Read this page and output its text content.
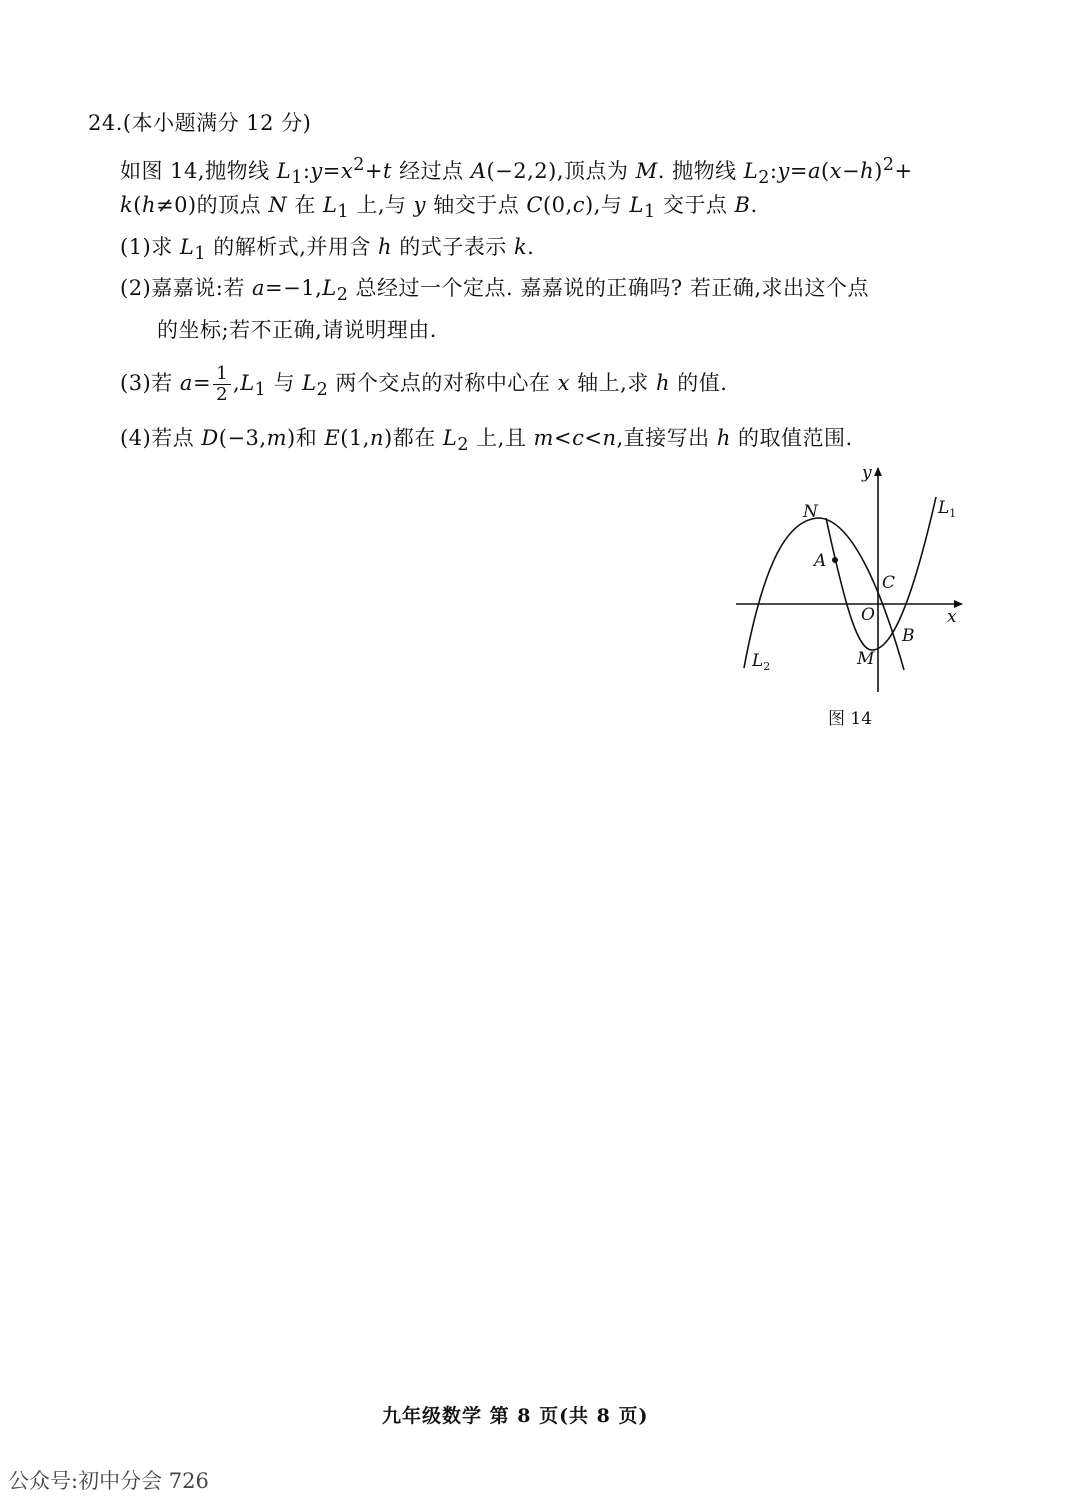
24.(本小题满分 12 分)
如图 14,抛物线 $L_1:y=x^2+t$ 经过点 A(−2,2),顶点为 M. 抛物线 $L_2:y=a(x-h)^2+$
k(h≠0)的顶点 N 在 $L_1$ 上,与 y 轴交于点 C(0,c),与 $L_1$ 交于点 B.
(1)求 $L_1$ 的解析式,并用含 h 的式子表示 k.
(2)嘉嘉说:若 $a=-1,L_2$ 总经过一个定点. 嘉嘉说的正确吗? 若正确,求出这个点
的坐标;若不正确,请说明理由.
(3)若 $a= \frac{1}{2} ,L_1$ 与 $L_2$ 两个交点的对称中心在 x 轴上,求 h 的值.
(4)若点 D(−3,m)和 E(1,n)都在 $L_2$ 上,且 m<c<n,直接写出 h 的取值范围.
y
x
N
A
C
O
B
M
$L_1$
$L_2$
图 14
九年级数学 第 8 页(共 8 页)
公众号:初中分会 726
